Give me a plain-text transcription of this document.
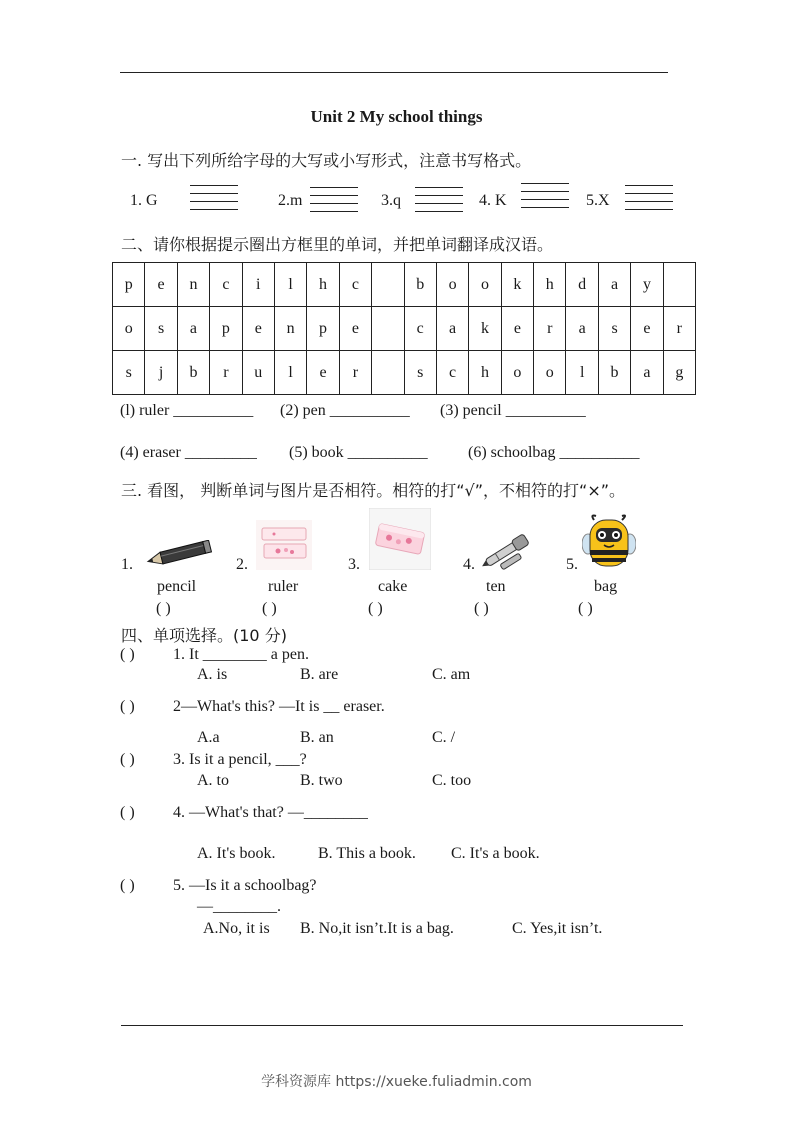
Unit 2 My school things
一. 写出下列所给字母的大写或小写形式，注意书写格式。
1. G	2.m	3.q	4. K	5.X
二、请你根据提示圈出方框里的单词，并把单词翻译成汉语。
p	e	n	c	i	l	h	c		b	o	o	k	h	d	a	y	
o	s	a	p	e	n	p	e		c	a	k	e	r	a	s	e	r
s	j	b	r	u	l	e	r		s	c	h	o	o	l	b	a	g
(l) ruler __________ (2) pen __________ (3) pencil __________
(4) eraser _________ (5) book __________	(6) schoolbag __________
三. 看图， 判断单词与图片是否相符。相符的打“√”，不相符的打“×”。
1.	2.	3.	4.	5.
pencil	ruler	cake	ten	bag
( )	( )	( )	( )	( )
四、单项选择。(10 分)
( ) 1. It ________ a pen.
A. is	B. are	C. am
( ) 2—What's this? —It is __ eraser.
A.a	B. an	C. /
( ) 3. Is it a pencil, ___?
A. to	B. two	C. too
( ) 4. —What's that? —________
A. It's book.	B. This a book. C. It's a book.
( ) 5. —Is it a schoolbag?
—________.
A.No, it is B. No,it isn’t.It is a bag.	C. Yes,it isn’t.
学科资源库 https://xueke.fuliadmin.com
